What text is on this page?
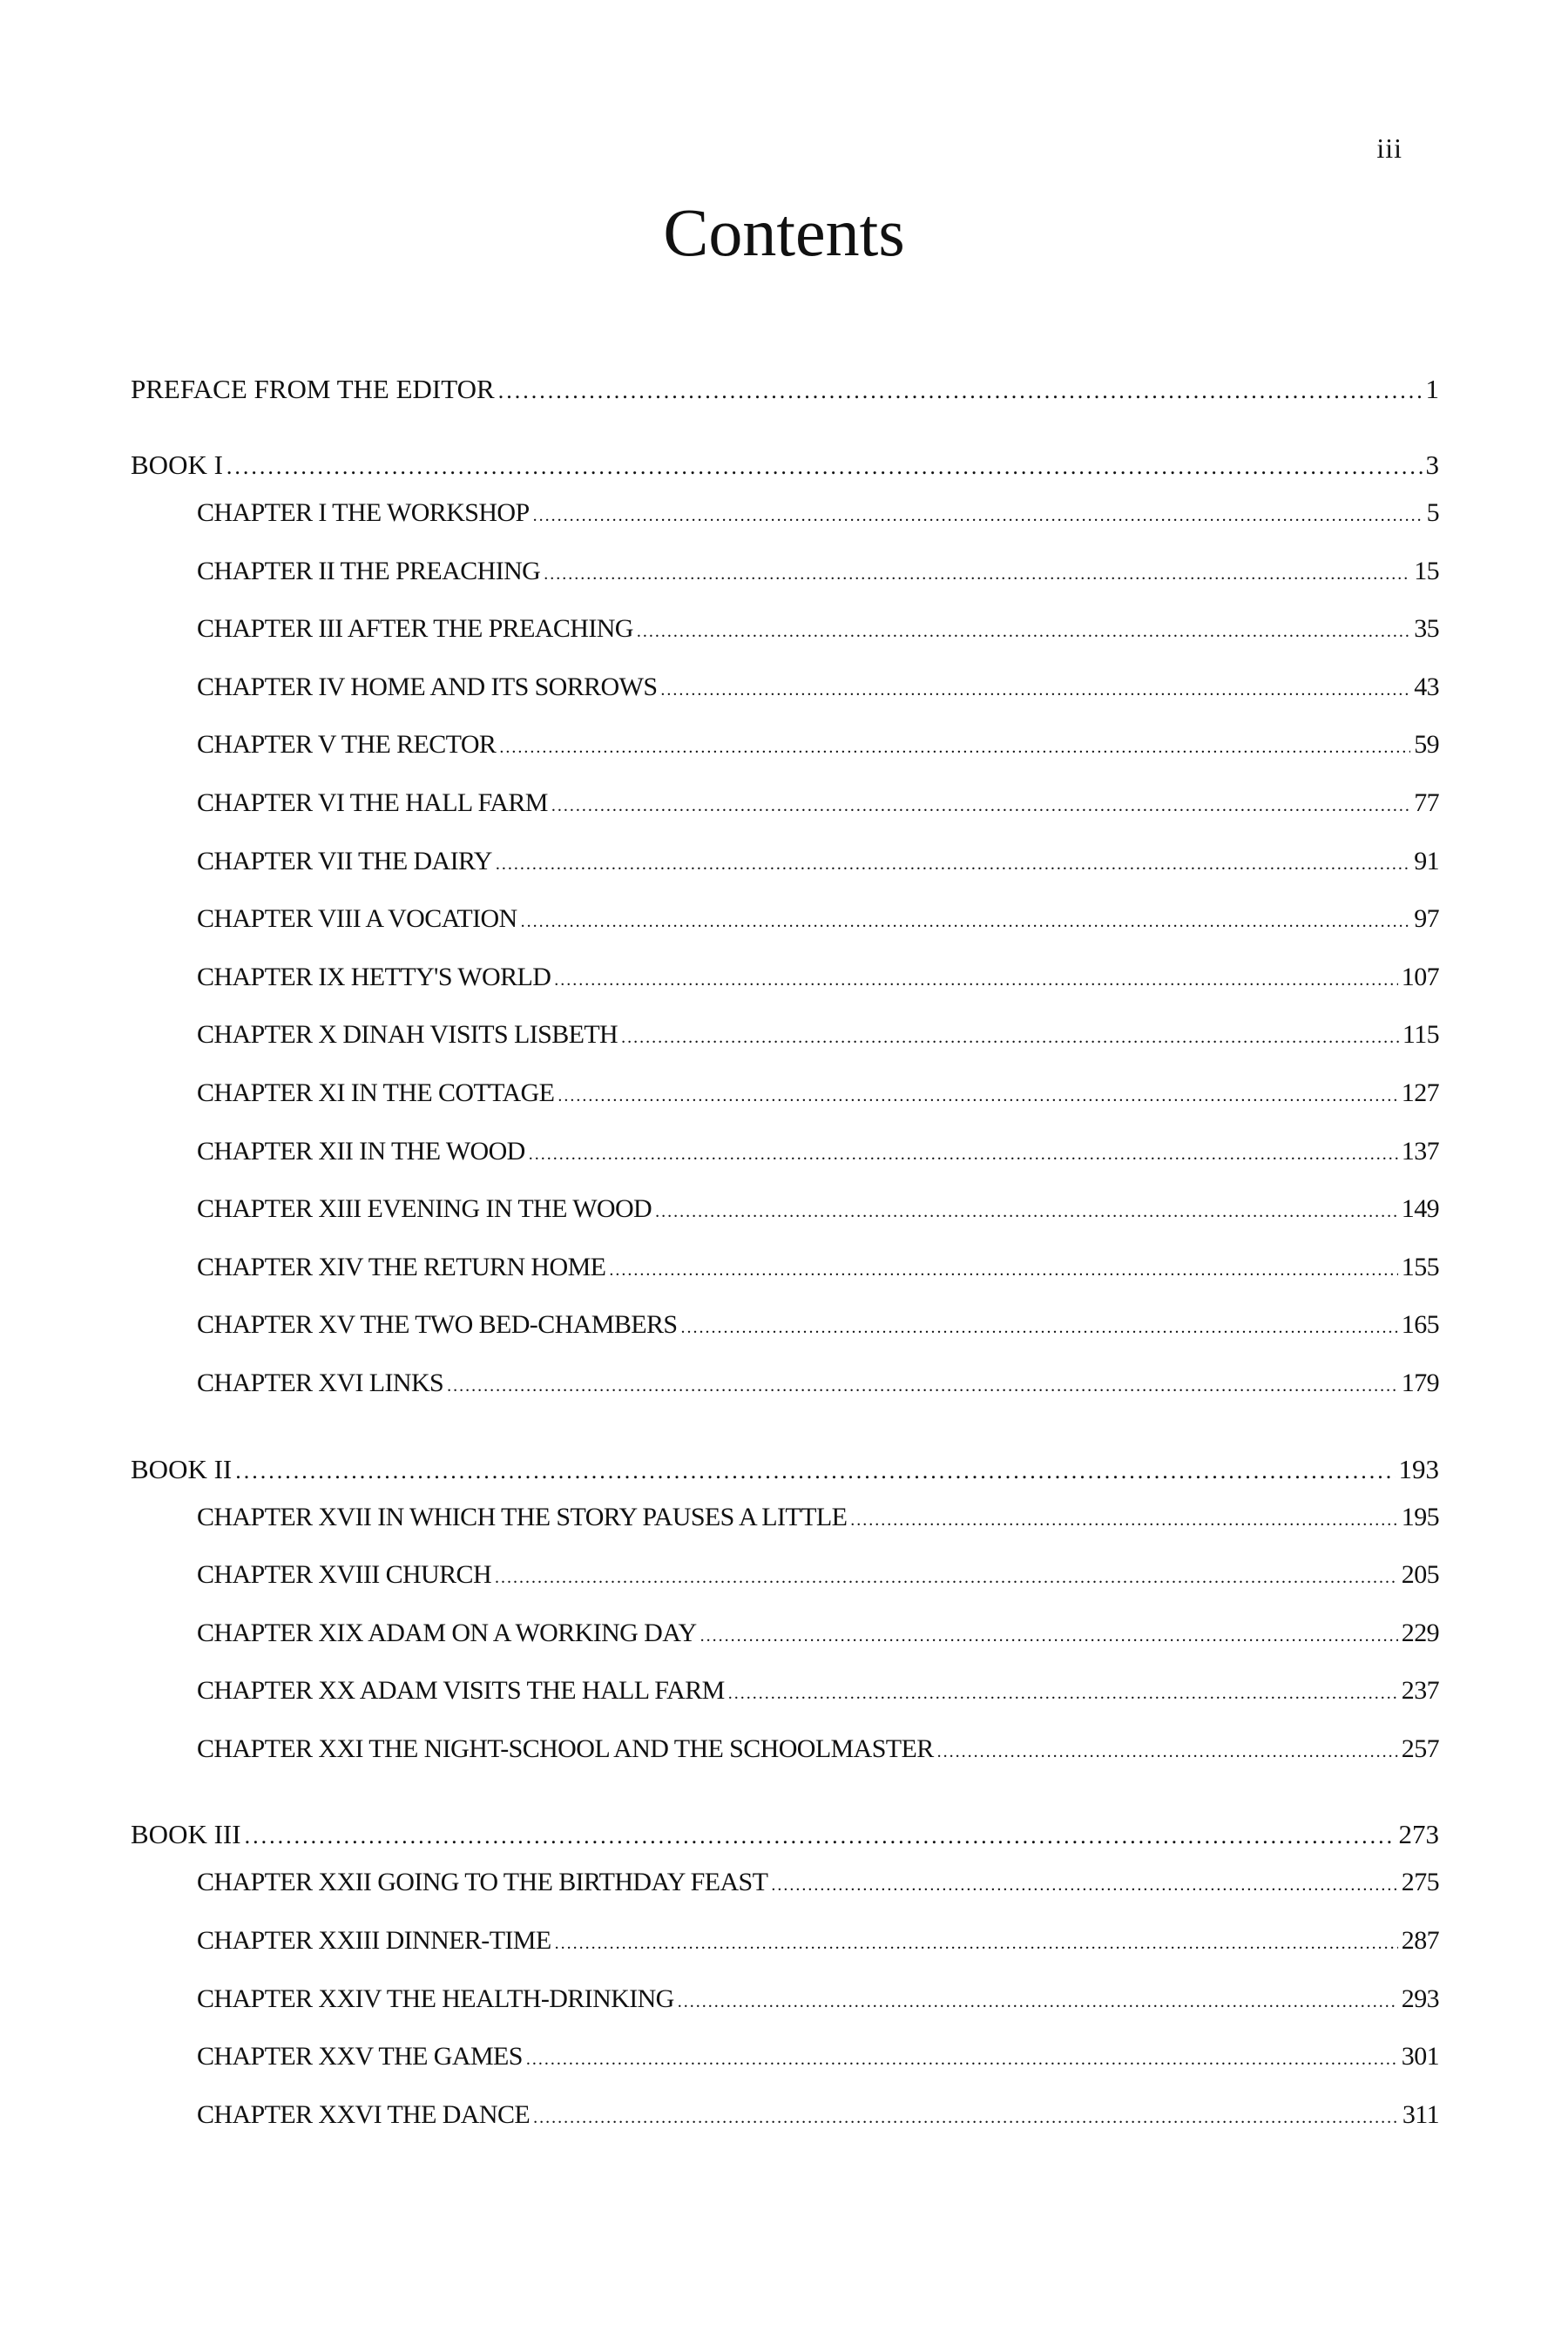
iii
Contents
PREFACE FROM THE EDITOR .....	1
BOOK I .....	3
CHAPTER I THE WORKSHOP .....	5
CHAPTER II THE PREACHING .....	15
CHAPTER III AFTER THE PREACHING .....	35
CHAPTER IV HOME AND ITS SORROWS .....	43
CHAPTER V THE RECTOR .....	59
CHAPTER VI THE HALL FARM .....	77
CHAPTER VII THE DAIRY .....	91
CHAPTER VIII A VOCATION .....	97
CHAPTER IX HETTY'S WORLD .....	107
CHAPTER X DINAH VISITS LISBETH .....	115
CHAPTER XI IN THE COTTAGE .....	127
CHAPTER XII IN THE WOOD .....	137
CHAPTER XIII EVENING IN THE WOOD .....	149
CHAPTER XIV THE RETURN HOME .....	155
CHAPTER XV THE TWO BED-CHAMBERS .....	165
CHAPTER XVI LINKS .....	179
BOOK II .....	193
CHAPTER XVII IN WHICH THE STORY PAUSES A LITTLE .....	195
CHAPTER XVIII CHURCH .....	205
CHAPTER XIX ADAM ON A WORKING DAY .....	229
CHAPTER XX ADAM VISITS THE HALL FARM .....	237
CHAPTER XXI THE NIGHT-SCHOOL AND THE SCHOOLMASTER .....	257
BOOK III .....	273
CHAPTER XXII GOING TO THE BIRTHDAY FEAST .....	275
CHAPTER XXIII DINNER-TIME .....	287
CHAPTER XXIV THE HEALTH-DRINKING .....	293
CHAPTER XXV THE GAMES .....	301
CHAPTER XXVI THE DANCE .....	311
